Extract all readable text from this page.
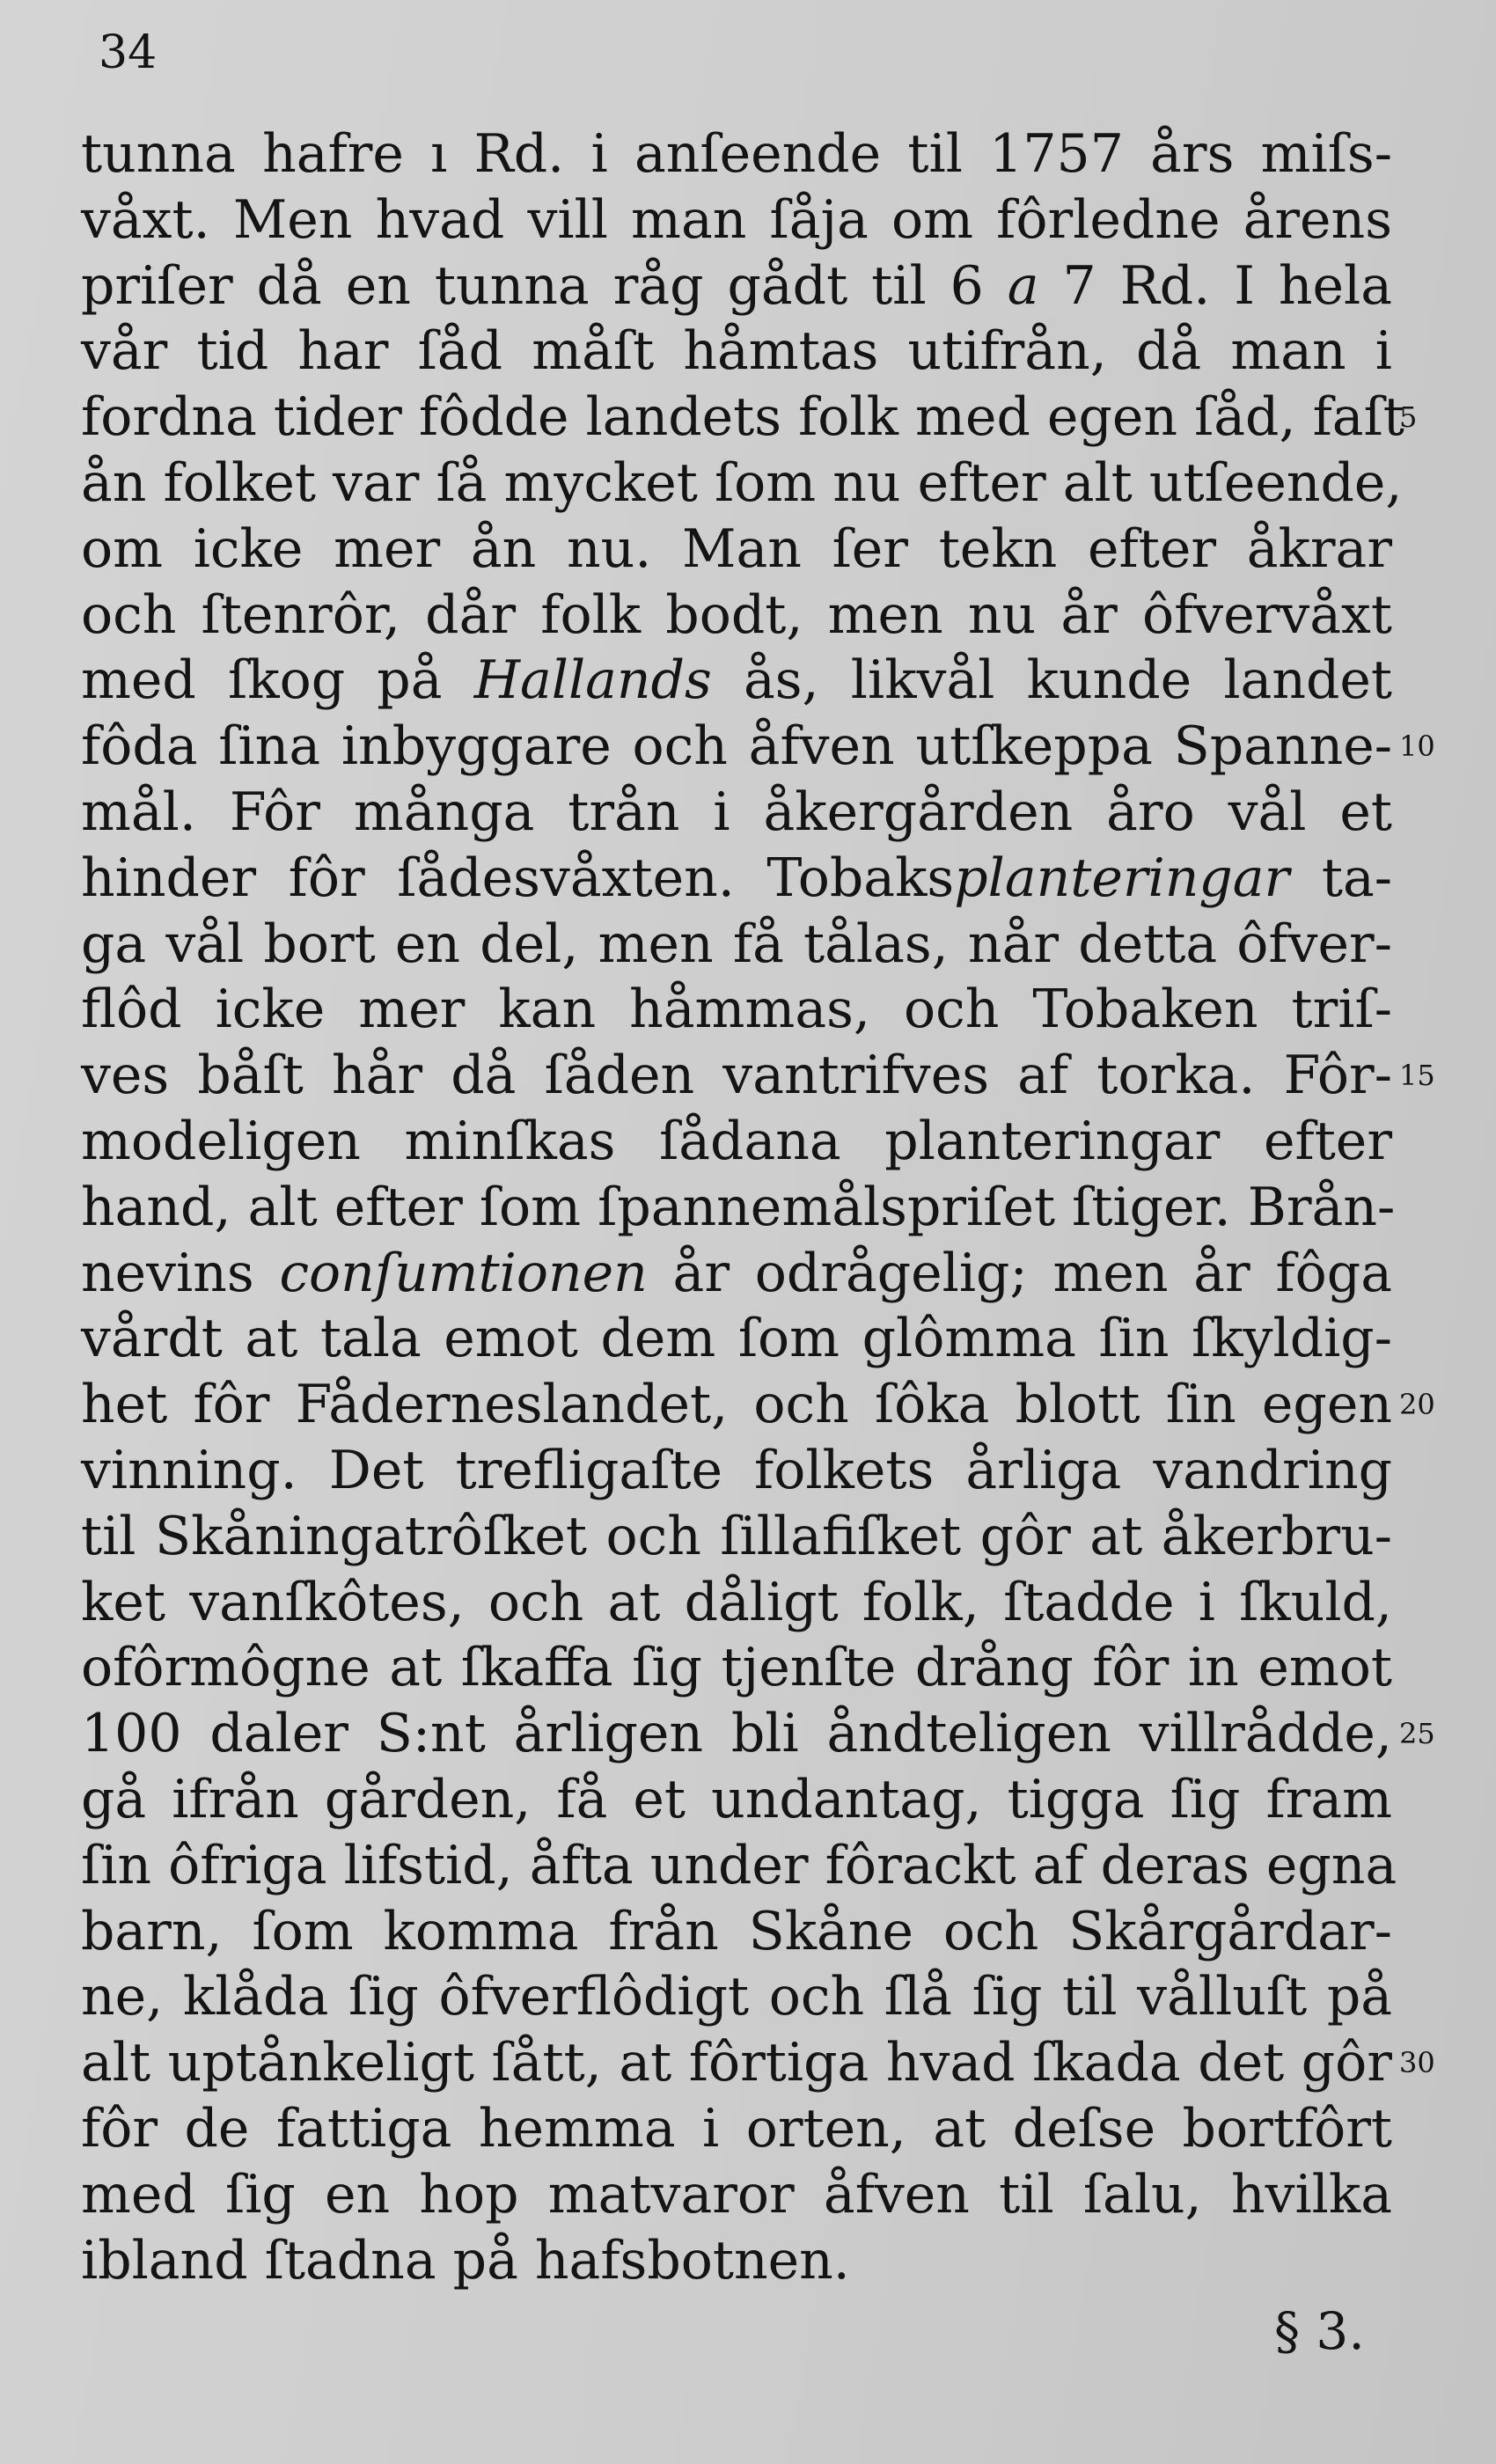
34
tunna hafre ı Rd. i anſeende til 1757 års miſs-
våxt. Men hvad vill man ſåja om fôrledne årens
priſer då en tunna råg gådt til 6 a 7 Rd. I hela
vår tid har ſåd måſt håmtas utifrån, då man i
fordna tider fôdde landets folk med egen ſåd, faſt
5
ån folket var ſå mycket ſom nu efter alt utſeende,
om icke mer ån nu. Man ſer tekn efter åkrar
och ſtenrôr, dår folk bodt, men nu år ôfvervåxt
med ſkog på Hallands ås, likvål kunde landet
fôda ſina inbyggare och åfven utſkeppa Spanne- 10
mål. Fôr många trån i åkergården åro vål et
hinder fôr ſådesvåxten. Tobaksplanteringar ta-
ga vål bort en del, men få tålas, når detta ôfver-
flôd icke mer kan håmmas, och Tobaken triſ-
ves båſt hår då ſåden vantrifves af torka. Fôr- 15
modeligen minſkas ſådana planteringar efter
hand, alt efter ſom ſpannemålspriſet ſtiger. Brån-
nevins conſumtionen år odrågelig; men år fôga
vårdt at tala emot dem ſom glômma ſin ſkyldig-
het fôr Fåderneslandet, och ſôka blott ſin egen 20
vinning. Det trefligaſte folkets årliga vandring
til Skåningatrôſket och ſillafiſket gôr at åkerbru-
ket vanſkôtes, och at dåligt folk, ſtadde i ſkuld,
ofôrmôgne at ſkaffa ſig tjenſte drång fôr in emot
100 daler S:nt årligen bli åndteligen villrådde, 25
gå ifrån gården, få et undantag, tigga ſig fram
ſin ôfriga lifstid, åfta under fôrackt af deras egna
barn, ſom komma från Skåne och Skårgårdar-
ne, klåda ſig ôfverflôdigt och ſlå ſig til vålluſt på
alt uptånkeligt ſått, at fôrtiga hvad ſkada det gôr 30
fôr de fattiga hemma i orten, at deſse bortfôrt
med ſig en hop matvaror åfven til ſalu, hvilka
ibland ſtadna på hafsbotnen.
§ 3.
